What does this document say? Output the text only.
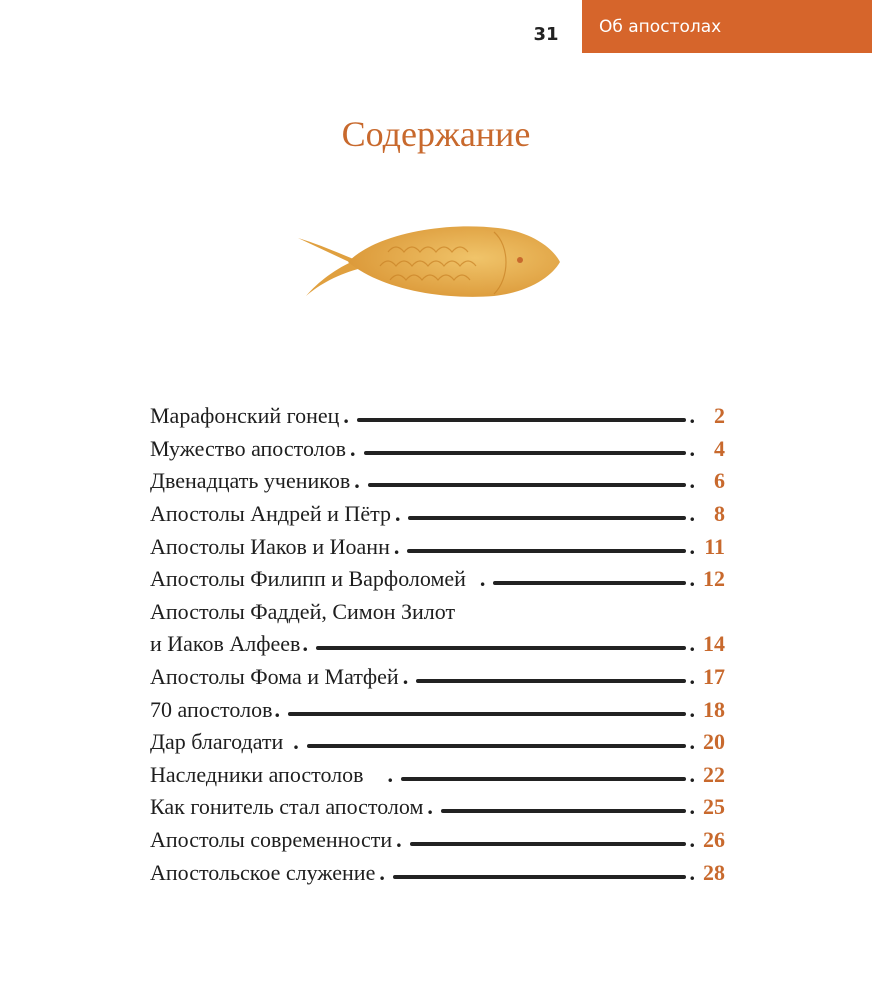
31	Об апостолах
Содержание
Марафонский гонец .	. 2
Мужество апостолов .	. 4
Двенадцать учеников .	. 6
Апостолы Андрей и Пётр .	. 8
Апостолы Иаков и Иоанн .	. 11
Апостолы Филипп и Варфоломей .	. 12
Апостолы Фаддей, Симон Зилот
и Иаков Алфеев .	. 14
Апостолы Фома и Матфей .	. 17
70 апостолов .	. 18
Дар благодати .	. 20
Наследники апостолов .	. 22
Как гонитель стал апостолом .	. 25
Апостолы современности .	. 26
Апостольское служение .	. 28
